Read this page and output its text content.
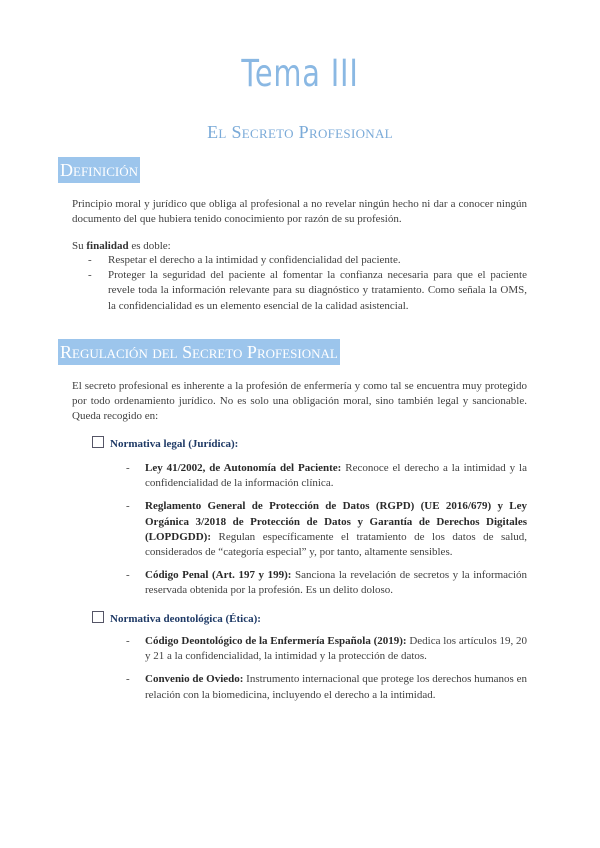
Tema III
El Secreto Profesional
Definición

Principio moral y jurídico que obliga al profesional a no revelar ningún hecho ni dar a conocer ningún documento del que hubiera tenido conocimiento por razón de su profesión.

Su finalidad es doble:

- Respetar el derecho a la intimidad y confidencialidad del paciente.
- Proteger la seguridad del paciente al fomentar la confianza necesaria para que el paciente revele toda la información relevante para su diagnóstico y tratamiento. Como señala la OMS, la confidencialidad es un elemento esencial de la calidad asistencial.
Regulación del Secreto Profesional

El secreto profesional es inherente a la profesión de enfermería y como tal se encuentra muy protegido por todo ordenamiento jurídico. No es solo una obligación moral, sino también legal y sancionable. Queda recogido en:

Normativa legal (Jurídica):
- Ley 41/2002, de Autonomía del Paciente: Reconoce el derecho a la intimidad y la confidencialidad de la información clínica.
- Reglamento General de Protección de Datos (RGPD) (UE 2016/679) y Ley Orgánica 3/2018 de Protección de Datos y Garantía de Derechos Digitales (LOPDGDD): Regulan específicamente el tratamiento de los datos de salud, considerados de “categoría especial” y, por tanto, altamente sensibles.
- Código Penal (Art. 197 y 199): Sanciona la revelación de secretos y la información reservada obtenida por la profesión. Es un delito doloso.
Normativa deontológica (Ética):
- Código Deontológico de la Enfermería Española (2019): Dedica los artículos 19, 20 y 21 a la confidencialidad, la intimidad y la protección de datos.
- Convenio de Oviedo: Instrumento internacional que protege los derechos humanos en relación con la biomedicina, incluyendo el derecho a la intimidad.
